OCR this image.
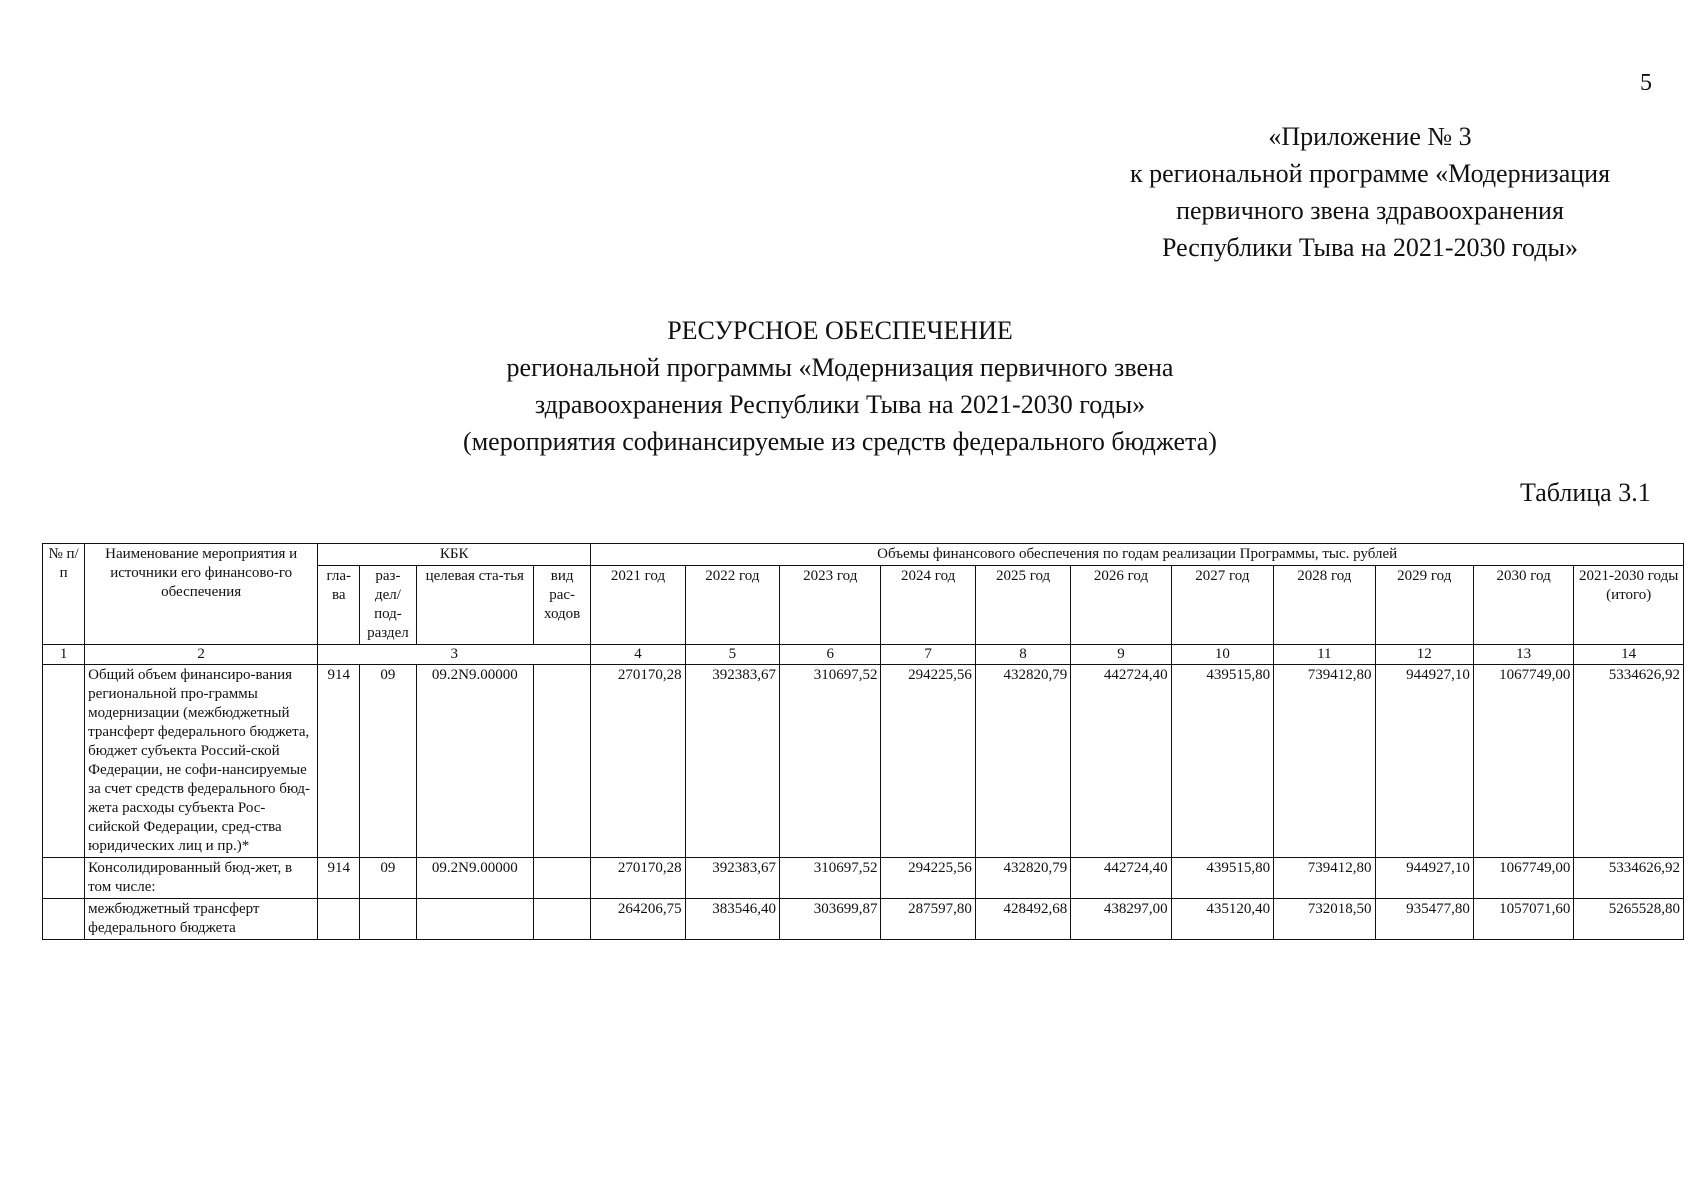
5
«Приложение № 3
к региональной программе «Модернизация
первичного звена здравоохранения
Республики Тыва на 2021-2030 годы»
РЕСУРСНОЕ ОБЕСПЕЧЕНИЕ
региональной программы «Модернизация первичного звена
здравоохранения Республики Тыва на 2021-2030 годы»
(мероприятия софинансируемые из средств федерального бюджета)
Таблица 3.1
№ п/п	Наименование мероприятия и источники его финансово-го обеспечения	КБК				Объемы финансового обеспечения по годам реализации Программы, тыс. рублей										
		гла-ва	раз-дел/ под-раздел	целевая ста-тья	вид рас-ходов	2021 год	2022 год	2023 год	2024 год	2025 год	2026 год	2027 год	2028 год	2029 год	2030 год	2021-2030 годы (итого)
1	2	3				4	5	6	7	8	9	10	11	12	13	14
	Общий объем финансиро-вания региональной про-граммы модернизации (межбюджетный трансферт федерального бюджета, бюджет субъекта Россий-ской Федерации, не софи-нансируемые за счет средств федерального бюд-жета расходы субъекта Рос-сийской Федерации, сред-ства юридических лиц и пр.)*	914	09	09.2N9.00000		270170,28	392383,67	310697,52	294225,56	432820,79	442724,40	439515,80	739412,80	944927,10	1067749,00	5334626,92
	Консолидированный бюд-жет, в том числе:	914	09	09.2N9.00000		270170,28	392383,67	310697,52	294225,56	432820,79	442724,40	439515,80	739412,80	944927,10	1067749,00	5334626,92
	межбюджетный трансферт федерального бюджета					264206,75	383546,40	303699,87	287597,80	428492,68	438297,00	435120,40	732018,50	935477,80	1057071,60	5265528,80
